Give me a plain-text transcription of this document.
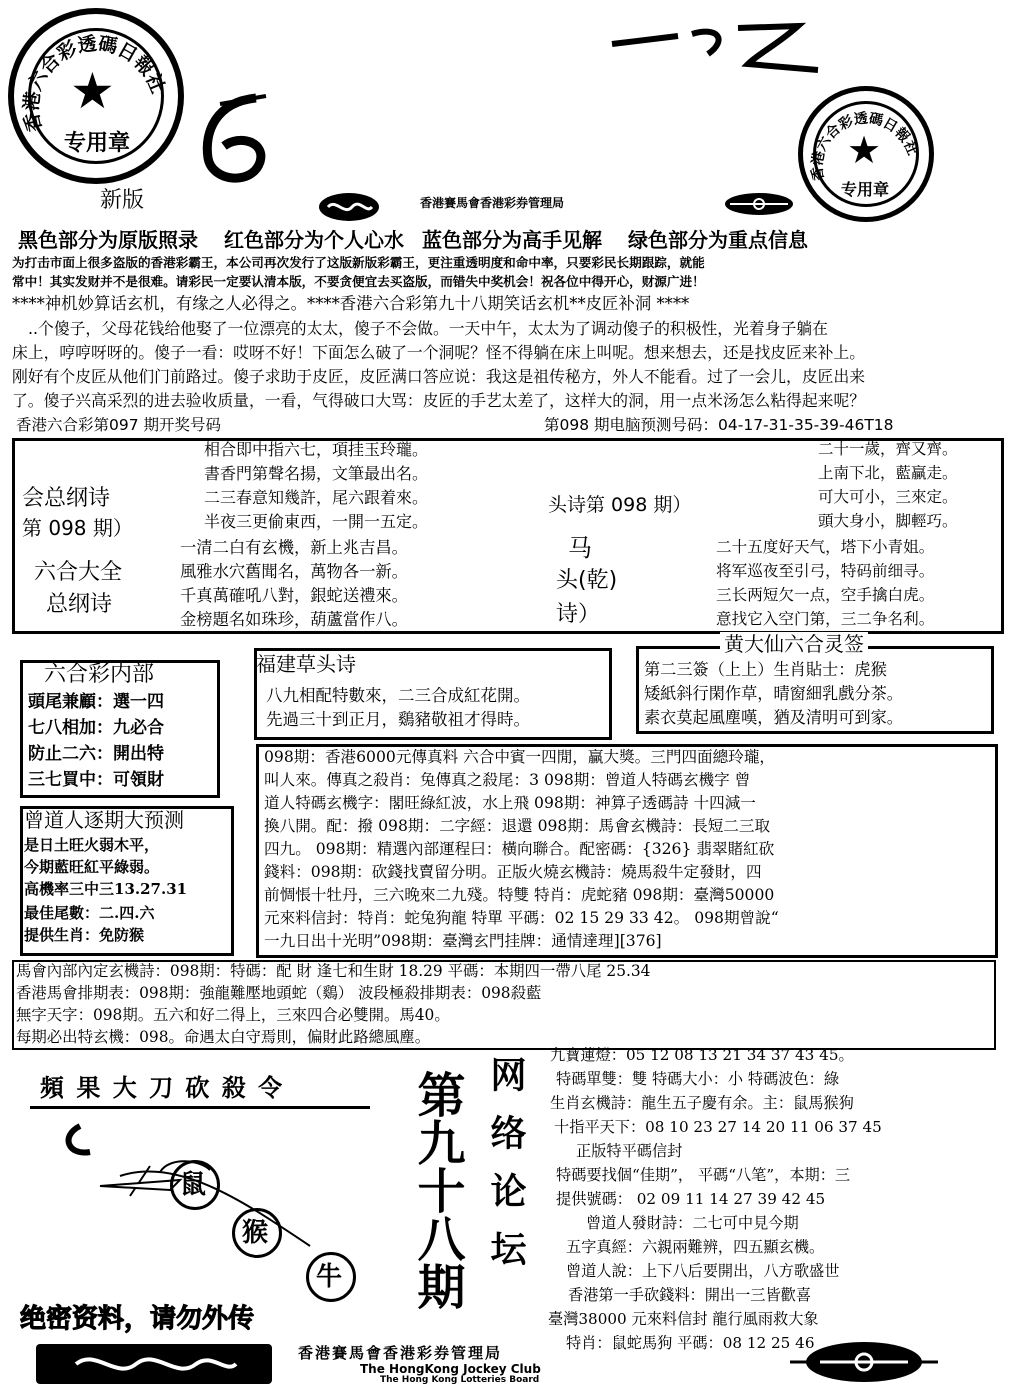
香港六合彩透碼日報社
★
专用章
新版
香港六合彩透碼日報社
★
专用章
香港賽馬會香港彩券管理局
黑色部分为原版照录 红色部分为个人心水 蓝色部分为高手见解 绿色部分为重点信息
为打击市面上很多盗版的香港彩霸王，本公司再次发行了这版新版彩霸王，更注重透明度和命中率，只要彩民长期跟踪，就能
常中！其实发财并不是很难。请彩民一定要认清本版，不要贪便宜去买盗版，而错失中奖机会！祝各位中得开心，财源广进！
****神机妙算话玄机，有缘之人必得之。****香港六合彩第九十八期笑话玄机**皮匠补洞 ****
..个傻子，父母花钱给他娶了一位漂亮的太太，傻子不会做。一天中午，太太为了调动傻子的积极性，光着身子躺在
床上，哼哼呀呀的。傻子一看：哎呀不好！下面怎么破了一个洞呢？怪不得躺在床上叫呢。想来想去，还是找皮匠来补上。
刚好有个皮匠从他们门前路过。傻子求助于皮匠，皮匠满口答应说：我这是祖传秘方，外人不能看。过了一会儿，皮匠出来
了。傻子兴高采烈的进去验收质量，一看，气得破口大骂：皮匠的手艺太差了，这样大的洞，用一点米汤怎么粘得起来呢？
香港六合彩第097 期开奖号码	第098 期电脑预测号码：04-17-31-35-39-46T18
相合即中指六七，項挂玉玲瓏。
書香門第聲名揚，文筆最出名。
二三春意知幾許，尾六跟着來。
半夜三更偷東西，一開一五定。
会总纲诗
第 098 期）
六合大全
总纲诗
一清二白有玄機，新上兆吉昌。
風雅水穴舊聞名，萬物各一新。
千真萬確吼八對，銀蛇送禮來。
金榜題名如珠珍，葫蘆當作八。
头诗第 098 期）
马
头(乾)
诗）
二十一歲，齊又齊。
上南下北，藍贏走。
可大可小，三來定。
頭大身小，脚輕巧。
二十五度好天气，塔下小青姐。
将军巡夜至引弓，特码前细寻。
三长两短欠一点，空手擒白虎。
意找它入空门第，三二争名利。
六合彩内部
頭尾兼顧：選一四
七八相加：九必合
防止二六：開出特
三七買中：可領財
福建草头诗
八九相配特數來，二三合成紅花開。
先過三十到正月，鷄豬敬祖才得時。
黄大仙六合灵签
第二三簽（上上）生肖貼士：虎猴
矮紙斜行閑作草，晴窗細乳戲分茶。
素衣莫起風塵嘆，猶及清明可到家。
曾道人逐期大预测
是日土旺火弱木平，
今期藍旺紅平綠弱。
高機率三中三13.27.31
最佳尾數：二.四.六
提供生肖：免防猴
098期：香港6000元傳真料 六合中賓一四閒，贏大獎。三門四面總玲瓏，
叫人來。傳真之殺肖：兔傳真之殺尾：3 098期：曾道人特碼玄機字 曾
道人特碼玄機字：閣旺綠紅波，水上飛 098期：神算子透碼詩 十四減一
換八開。配：撥 098期：二字經：退還 098期：馬會玄機詩：長短二三取
四九。 098期：精選內部運程曰：橫向聯合。配密碼：{326} 翡翠賭紅砍
錢料：098期：砍錢找賣留分明。正版火燒玄機詩：燒馬殺牛定發財，四
前惆悵十牡丹，三六晚來二九殘。特雙 特肖：虎蛇豬 098期：臺灣50000
元來料信封：特肖：蛇兔狗龍 特單 平碼：02 15 29 33 42。 098期曾說“
一九日出十光明”098期：臺灣玄門挂牌：通情達理][376]
馬會內部內定玄機詩：098期：特碼：配 財 逢七和生財 18.29 平碼：本期四一帶八尾 25.34
香港馬會排期表：098期：強龍難壓地頭蛇（鷄） 波段極殺排期表：098殺藍
無字天字：098期。五六和好二得上，三來四合必雙開。馬40。
每期必出特玄機：098。命遇太白守焉則，偏財此路總風塵。
頻 果 大 刀 砍 殺 令
鼠
猴
牛
绝密资料，请勿外传
第九十八期 网络论坛
九寶蓮燈：05 12 08 13 21 34 37 43 45。
特碼單雙：雙 特碼大小：小 特碼波色：綠
生肖玄機詩：龍生五子慶有余。主：鼠馬猴狗
十指平天下：08 10 23 27 14 20 11 06 37 45
正版特平碼信封
特碼要找個“佳期”， 平碼“八笔”，本期：三
提供號碼： 02 09 11 14 27 39 42 45
曾道人發財詩：二七可中見今期
五字真經：六親兩難辨，四五顯玄機。
曾道人說：上下八后要開出，八方歌盛世
香港第一手砍錢料：開出一三皆歡喜
臺灣38000 元來料信封 龍行風雨救大象
特肖：鼠蛇馬狗 平碼：08 12 25 46
香港賽馬會香港彩券管理局
The HongKong Jockey Club
The Hong Kong Lotteries Board
